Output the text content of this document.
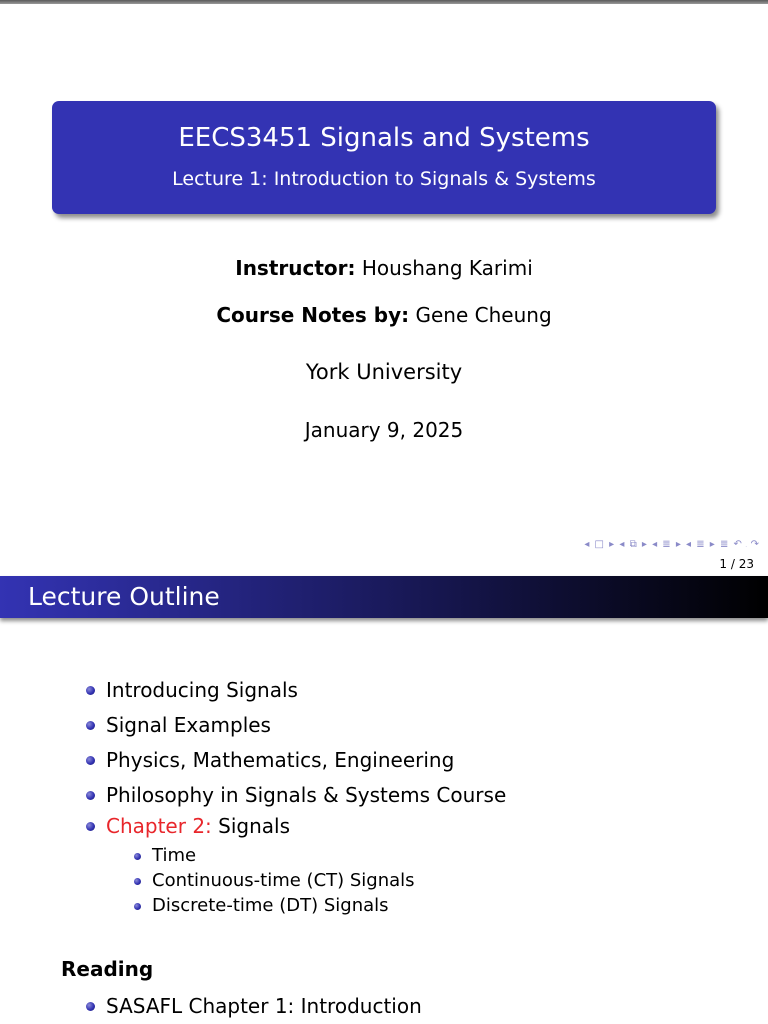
EECS3451 Signals and Systems
Lecture 1: Introduction to Signals & Systems
Instructor: Houshang Karimi
Course Notes by: Gene Cheung
York University
January 9, 2025
◂ □ ▸ ◂ ⧉ ▸ ◂ ≣ ▸ ◂ ≣ ▸ ≣ ↶ 𝅭 ↷
1 / 23
Lecture Outline
Introducing Signals
Signal Examples
Physics, Mathematics, Engineering
Philosophy in Signals & Systems Course
Chapter 2: Signals
Time
Continuous-time (CT) Signals
Discrete-time (DT) Signals
Reading
SASAFL Chapter 1: Introduction
